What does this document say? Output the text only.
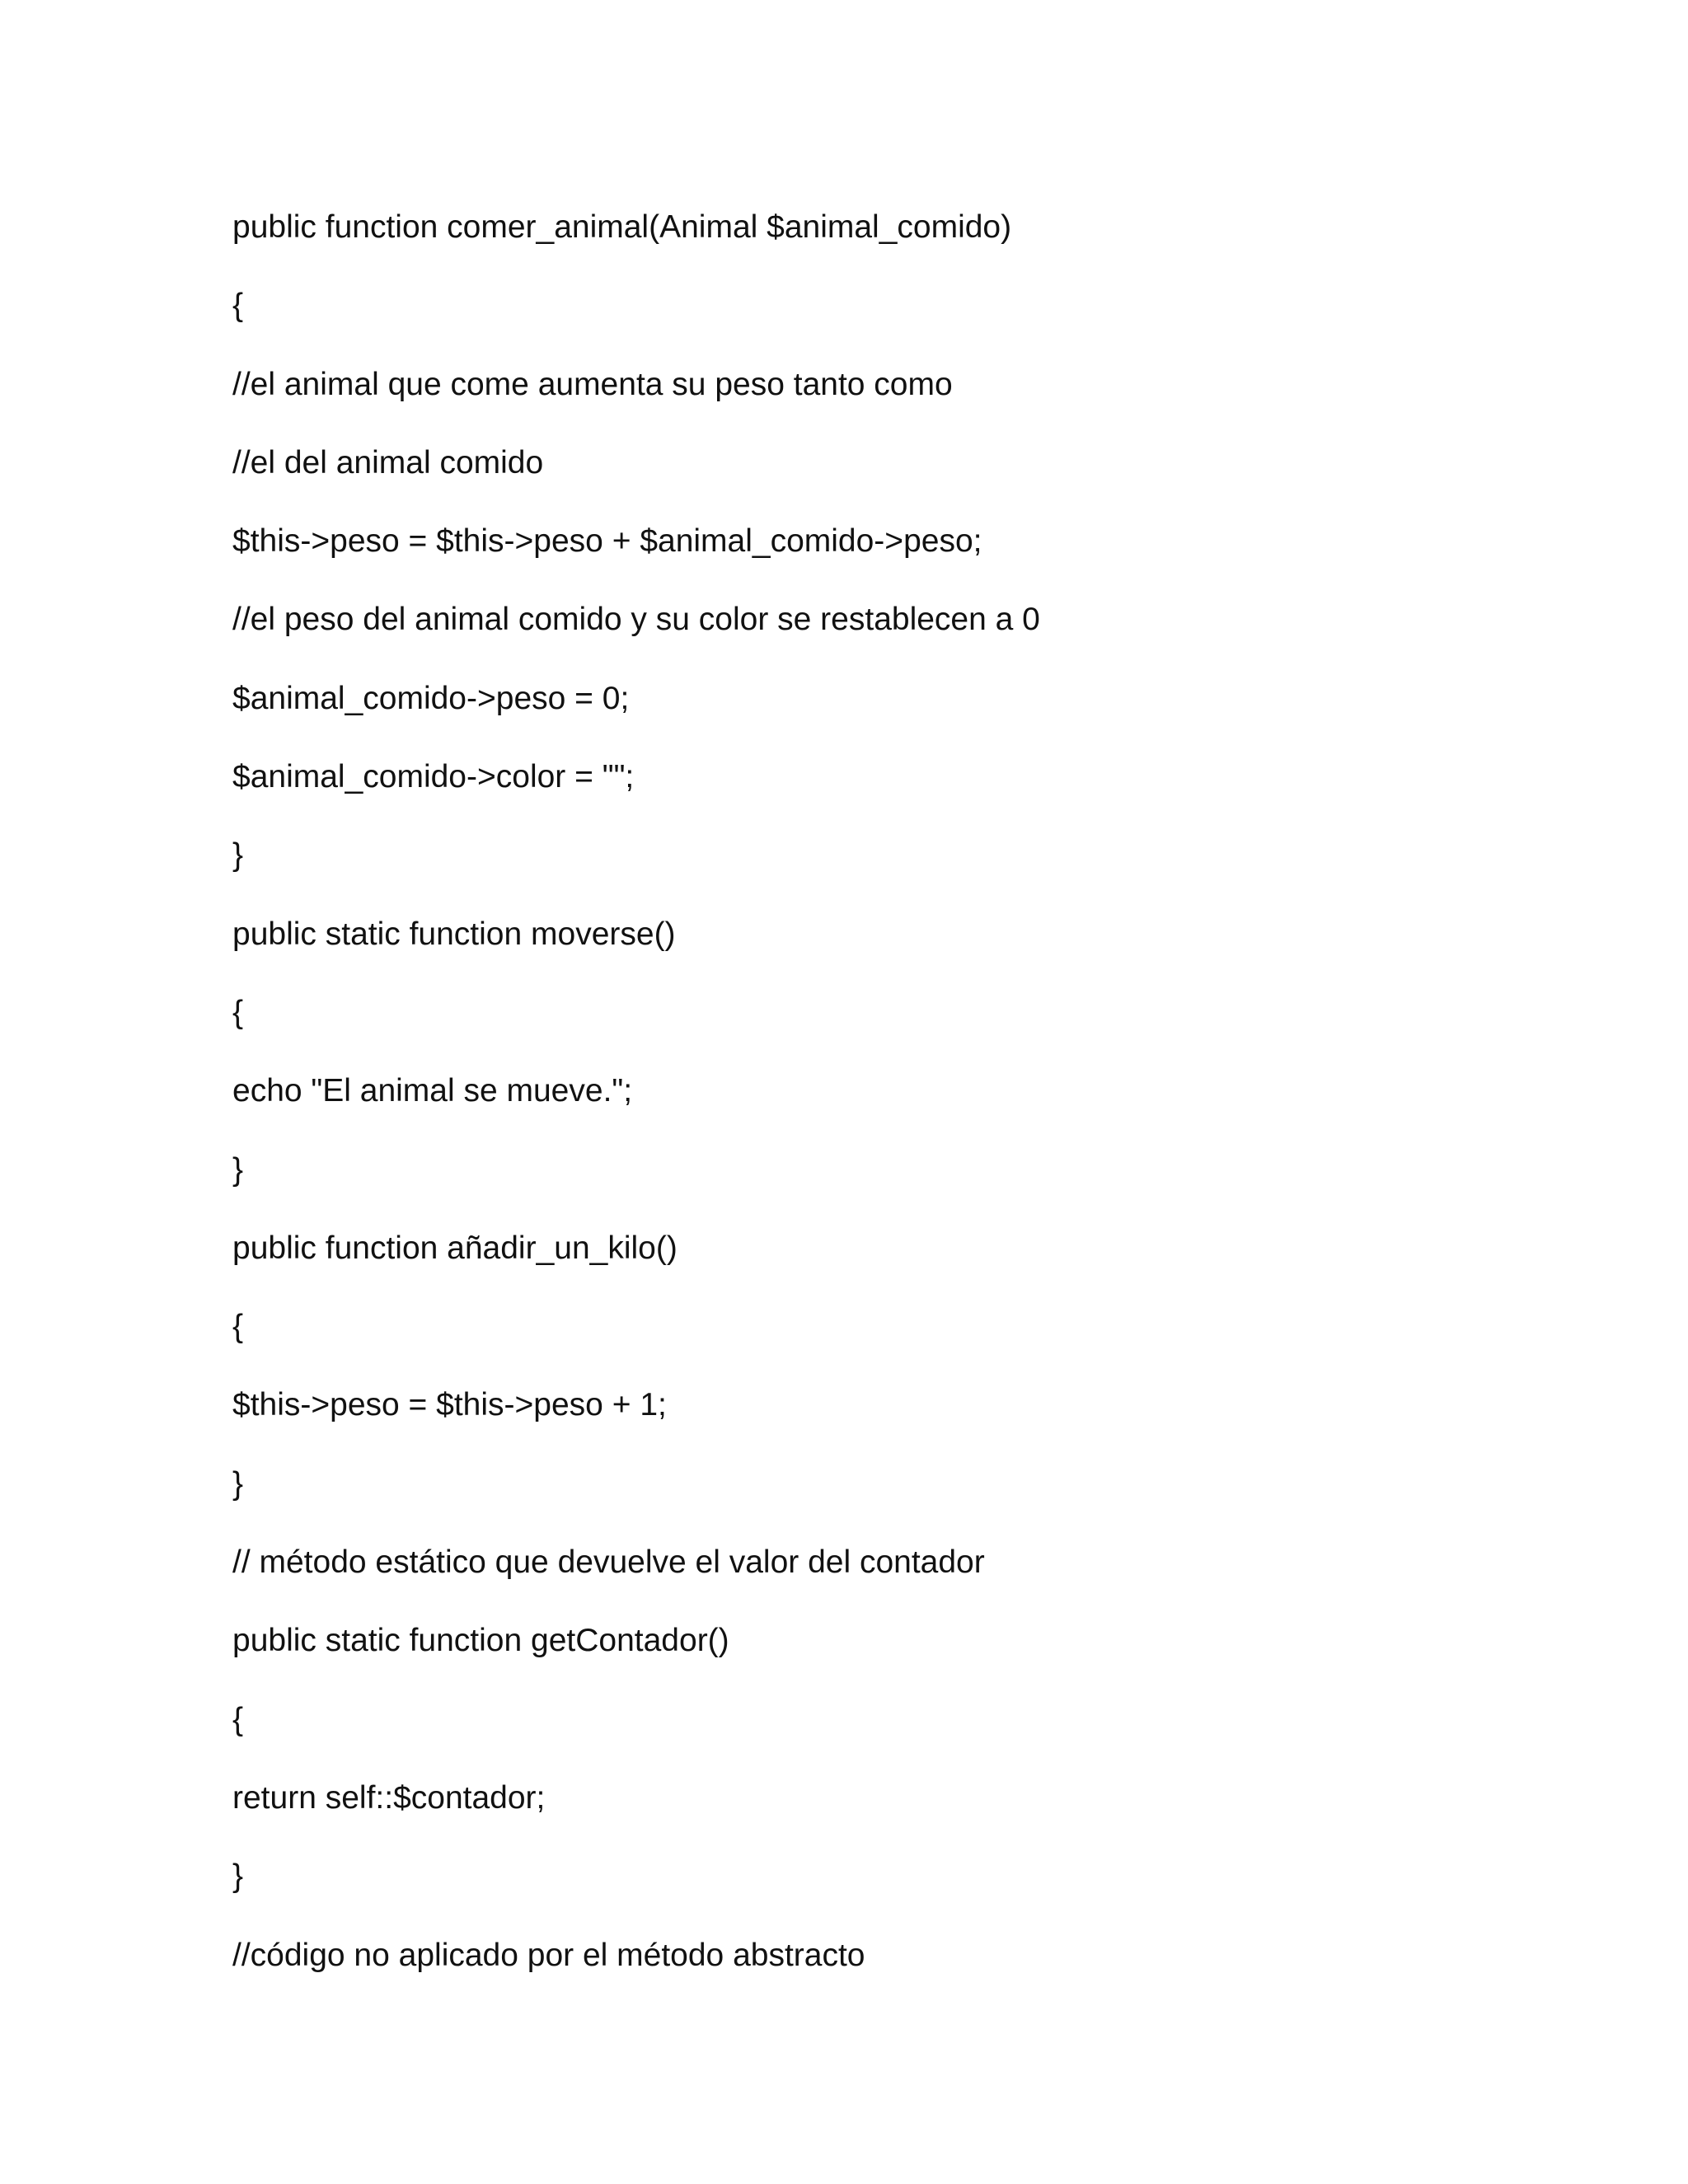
public function comer_animal(Animal $animal_comido)
{
//el animal que come aumenta su peso tanto como
//el del animal comido
$this->peso = $this->peso + $animal_comido->peso;
//el peso del animal comido y su color se restablecen a 0
$animal_comido->peso = 0;
$animal_comido->color = "";
}
public static function moverse()
{
echo "El animal se mueve.";
}
public function añadir_un_kilo()
{
$this->peso = $this->peso + 1;
}
// método estático que devuelve el valor del contador
public static function getContador()
{
return self::$contador;
}
//código no aplicado por el método abstracto
